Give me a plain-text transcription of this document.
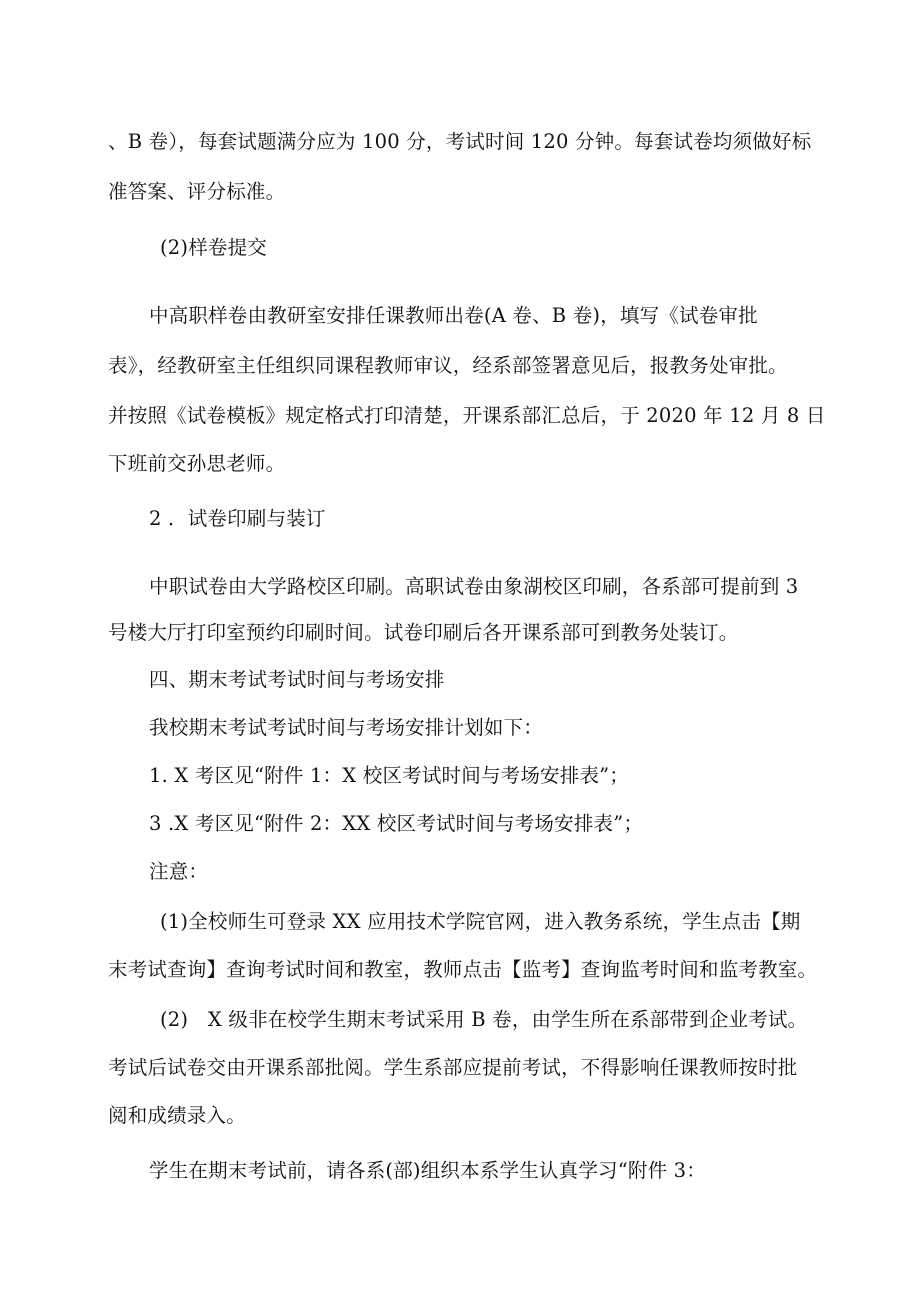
、B 卷），每套试题满分应为 100 分，考试时间 120 分钟。每套试卷均须做好标
准答案、评分标准。
(2)样卷提交
中高职样卷由教研室安排任课教师出卷(A 卷、B 卷)，填写《试卷审批
表》，经教研室主任组织同课程教师审议，经系部签署意见后，报教务处审批。
并按照《试卷模板》规定格式打印清楚，开课系部汇总后，于 2020 年 12 月 8 日
下班前交孙思老师。
2 ．试卷印刷与装订
中职试卷由大学路校区印刷。高职试卷由象湖校区印刷，各系部可提前到 3
号楼大厅打印室预约印刷时间。试卷印刷后各开课系部可到教务处装订。
四、期末考试考试时间与考场安排
我校期末考试考试时间与考场安排计划如下：
1. X 考区见“附件 1：X 校区考试时间与考场安排表”；
3 .X 考区见“附件 2：XX 校区考试时间与考场安排表”；
注意：
(1)全校师生可登录 XX 应用技术学院官网，进入教务系统，学生点击【期
末考试查询】查询考试时间和教室，教师点击【监考】查询监考时间和监考教室。
(2)　X 级非在校学生期末考试采用 B 卷，由学生所在系部带到企业考试。
考试后试卷交由开课系部批阅。学生系部应提前考试，不得影响任课教师按时批
阅和成绩录入。
学生在期末考试前，请各系(部)组织本系学生认真学习“附件 3：
